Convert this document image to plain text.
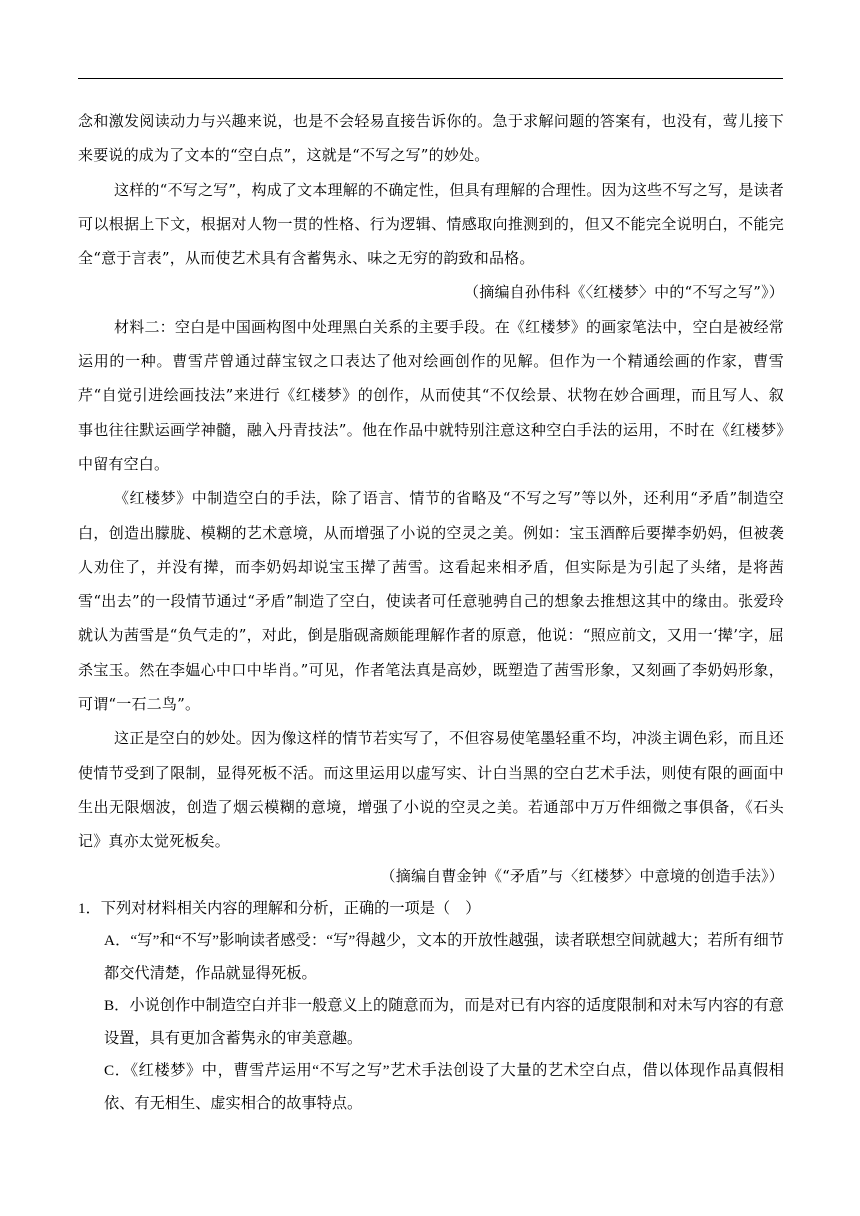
念和激发阅读动力与兴趣来说，也是不会轻易直接告诉你的。急于求解问题的答案有，也没有，莺儿接下来要说的成为了文本的“空白点”，这就是“不写之写”的妙处。

这样的“不写之写”，构成了文本理解的不确定性，但具有理解的合理性。因为这些不写之写，是读者可以根据上下文，根据对人物一贯的性格、行为逻辑、情感取向推测到的，但又不能完全说明白，不能完全“意于言表”，从而使艺术具有含蓄隽永、味之无穷的韵致和品格。

（摘编自孙伟科《〈红楼梦〉中的“不写之写”》）

材料二：空白是中国画构图中处理黑白关系的主要手段。在《红楼梦》的画家笔法中，空白是被经常运用的一种。曹雪芹曾通过薛宝钗之口表达了他对绘画创作的见解。但作为一个精通绘画的作家，曹雪芹“自觉引进绘画技法”来进行《红楼梦》的创作，从而使其“不仅绘景、状物在妙合画理，而且写人、叙事也往往默运画学神髓，融入丹青技法”。他在作品中就特别注意这种空白手法的运用，不时在《红楼梦》中留有空白。

《红楼梦》中制造空白的手法，除了语言、情节的省略及“不写之写”等以外，还利用“矛盾”制造空白，创造出朦胧、模糊的艺术意境，从而增强了小说的空灵之美。例如：宝玉酒醉后要撵李奶妈，但被袭人劝住了，并没有撵，而李奶妈却说宝玉撵了茜雪。这看起来相矛盾，但实际是为引起了头绪，是将茜雪“出去”的一段情节通过“矛盾”制造了空白，使读者可任意驰骋自己的想象去推想这其中的缘由。张爱玲就认为茜雪是“负气走的”，对此，倒是脂砚斋颇能理解作者的原意，他说：“照应前文，又用一‘撵’字，屈杀宝玉。然在李媪心中口中毕肖。”可见，作者笔法真是高妙，既塑造了茜雪形象，又刻画了李奶妈形象，可谓“一石二鸟”。

这正是空白的妙处。因为像这样的情节若实写了，不但容易使笔墨轻重不均，冲淡主调色彩，而且还使情节受到了限制，显得死板不活。而这里运用以虚写实、计白当黑的空白艺术手法，则使有限的画面中生出无限烟波，创造了烟云模糊的意境，增强了小说的空灵之美。若通部中万万件细微之事俱备，《石头记》真亦太觉死板矣。

（摘编自曹金钟《“矛盾”与〈红楼梦〉中意境的创造手法》）

1．下列对材料相关内容的理解和分析，正确的一项是（　）

A．“写”和“不写”影响读者感受：“写”得越少，文本的开放性越强，读者联想空间就越大；若所有细节都交代清楚，作品就显得死板。

B．小说创作中制造空白并非一般意义上的随意而为，而是对已有内容的适度限制和对未写内容的有意设置，具有更加含蓄隽永的审美意趣。

C．《红楼梦》中，曹雪芹运用“不写之写”艺术手法创设了大量的艺术空白点，借以体现作品真假相依、有无相生、虚实相合的故事特点。
